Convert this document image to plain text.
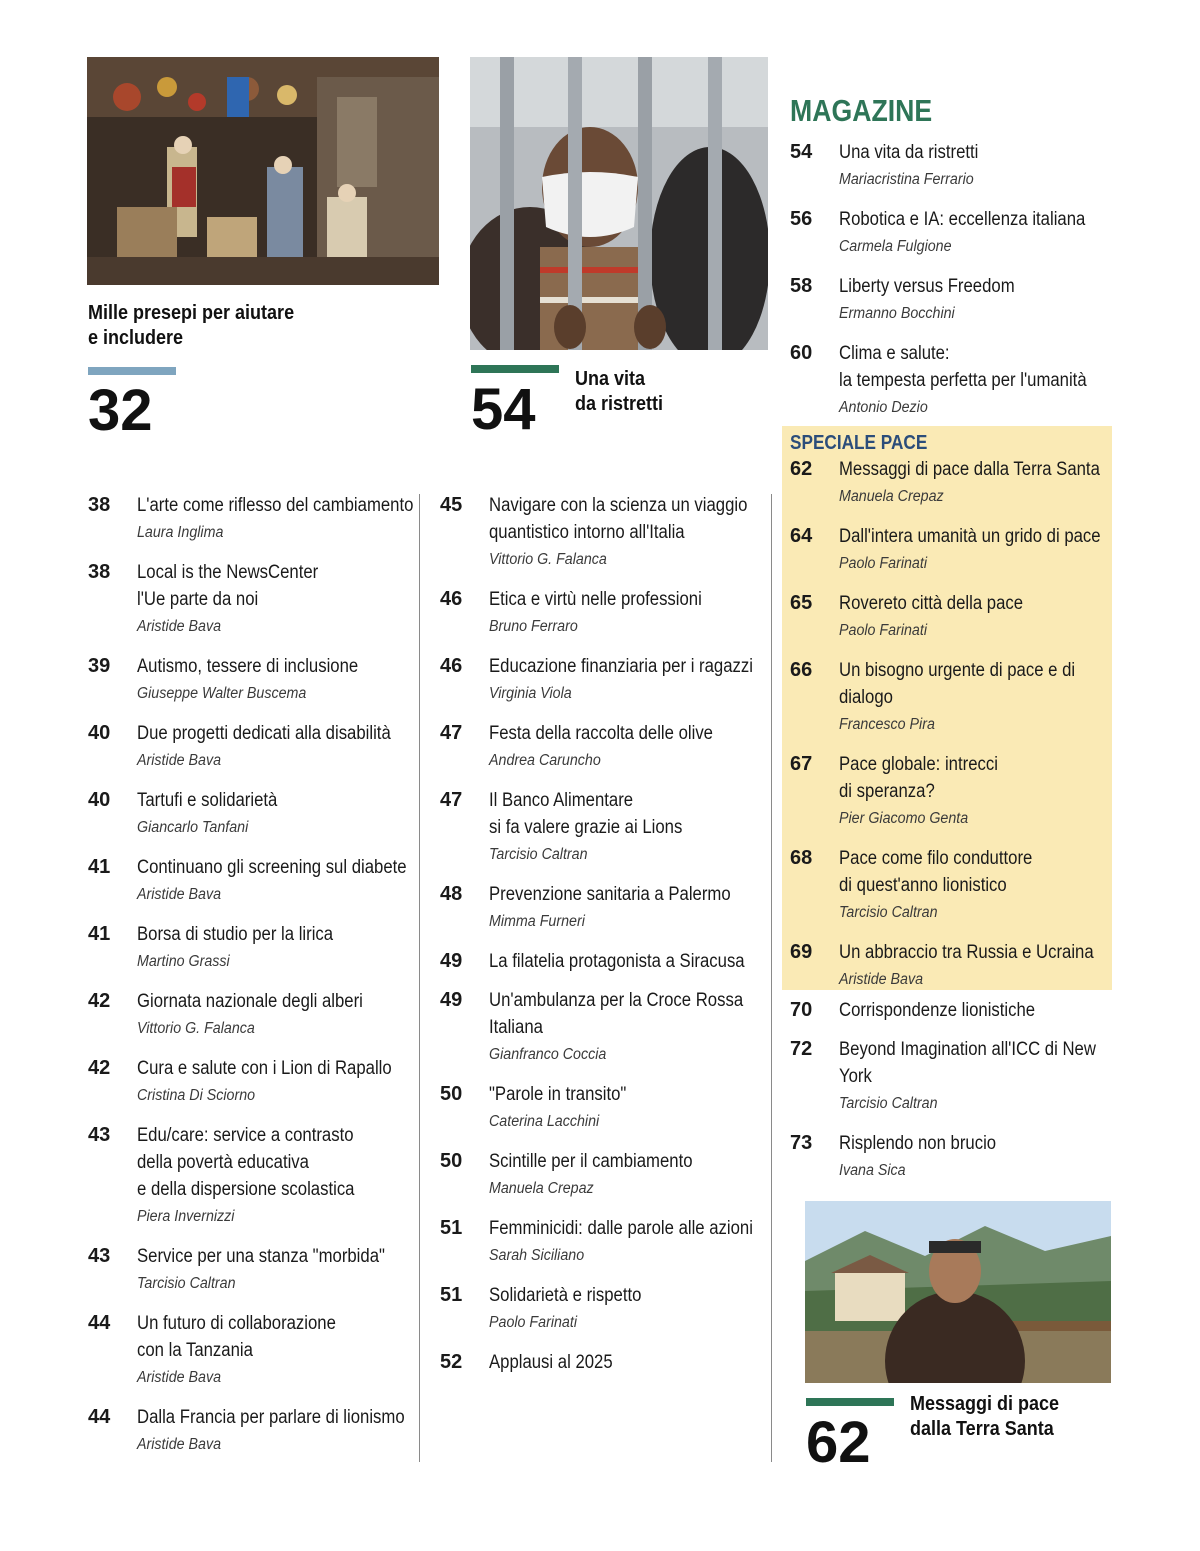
Mille presepi per aiutare
e includere
32	54 Una vita
da ristretti
62
Messaggi di pace
dalla Terra Santa
MAGAZINE
SPECIALE PACE
38 L'arte come riflesso del cambiamento
Laura Inglima
38 Local is the NewsCenter
l'Ue parte da noi
Aristide Bava
39 Autismo, tessere di inclusione
Giuseppe Walter Buscema
40 Due progetti dedicati alla disabilità
Aristide Bava
40 Tartufi e solidarietà
Giancarlo Tanfani
41 Continuano gli screening sul diabete
Aristide Bava
41 Borsa di studio per la lirica
Martino Grassi
42 Giornata nazionale degli alberi
Vittorio G. Falanca
42 Cura e salute con i Lion di Rapallo
Cristina Di Sciorno
43 Edu/care: service a contrasto
della povertà educativa
e della dispersione scolastica
Piera Invernizzi
43 Service per una stanza "morbida"
Tarcisio Caltran
44 Un futuro di collaborazione
con la Tanzania
Aristide Bava
44 Dalla Francia per parlare di lionismo
Aristide Bava
45 Navigare con la scienza un viaggio
quantistico intorno all'Italia
Vittorio G. Falanca
46 Etica e virtù nelle professioni
Bruno Ferraro
46 Educazione finanziaria per i ragazzi
Virginia Viola
47 Festa della raccolta delle olive
Andrea Caruncho
47 Il Banco Alimentare
si fa valere grazie ai Lions
Tarcisio Caltran
48 Prevenzione sanitaria a Palermo
Mimma Furneri
49 La filatelia protagonista a Siracusa
49 Un'ambulanza per la Croce Rossa
Italiana
Gianfranco Coccia
50 "Parole in transito"
Caterina Lacchini
50 Scintille per il cambiamento
Manuela Crepaz
51 Femminicidi: dalle parole alle azioni
Sarah Siciliano
51 Solidarietà e rispetto
Paolo Farinati
52 Applausi al 2025
54 Una vita da ristretti
Mariacristina Ferrario
56 Robotica e IA: eccellenza italiana
Carmela Fulgione
58 Liberty versus Freedom
Ermanno Bocchini
60 Clima e salute:
la tempesta perfetta per l'umanità
Antonio Dezio
62 Messaggi di pace dalla Terra Santa
Manuela Crepaz
64 Dall'intera umanità un grido di pace
Paolo Farinati
65 Rovereto città della pace
Paolo Farinati
66 Un bisogno urgente di pace e di
dialogo
Francesco Pira
67 Pace globale: intrecci
di speranza?
Pier Giacomo Genta
68 Pace come filo conduttore
di quest'anno lionistico
Tarcisio Caltran
69 Un abbraccio tra Russia e Ucraina
Aristide Bava
70 Corrispondenze lionistiche
72 Beyond Imagination all'ICC di New
York
Tarcisio Caltran
73 Risplendo non brucio
Ivana Sica
